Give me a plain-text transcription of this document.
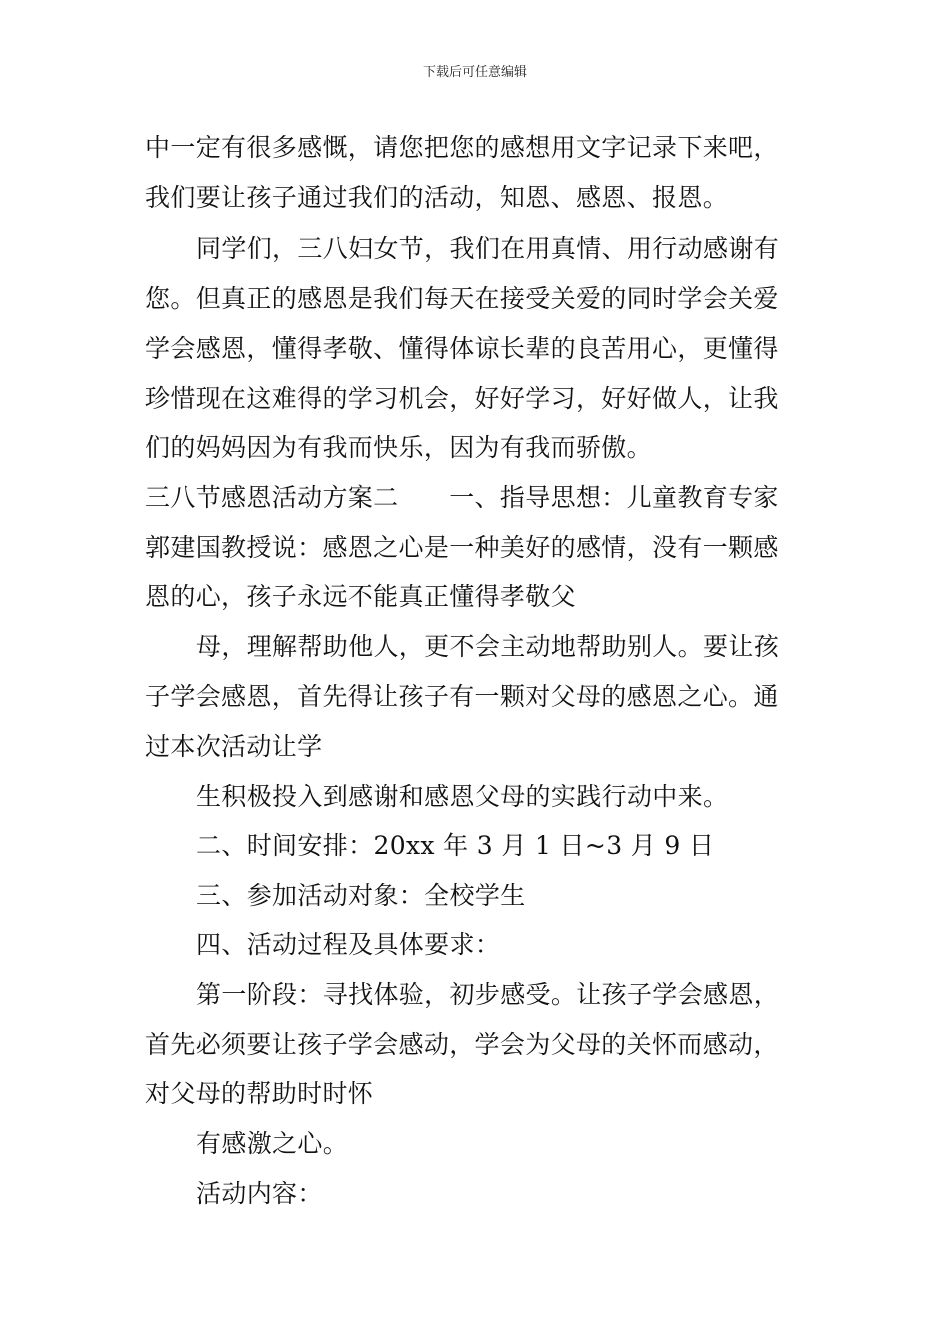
下载后可任意编辑
中一定有很多感慨，请您把您的感想用文字记录下来吧，
我们要让孩子通过我们的活动，知恩、感恩、报恩。
同学们，三八妇女节，我们在用真情、用行动感谢有
您。但真正的感恩是我们每天在接受关爱的同时学会关爱
学会感恩，懂得孝敬、懂得体谅长辈的良苦用心，更懂得
珍惜现在这难得的学习机会，好好学习，好好做人，让我
们的妈妈因为有我而快乐，因为有我而骄傲。
三八节感恩活动方案二　　一、指导思想：儿童教育专家
郭建国教授说：感恩之心是一种美好的感情，没有一颗感
恩的心，孩子永远不能真正懂得孝敬父
母，理解帮助他人，更不会主动地帮助别人。要让孩
子学会感恩，首先得让孩子有一颗对父母的感恩之心。通
过本次活动让学
生积极投入到感谢和感恩父母的实践行动中来。
二、时间安排：20xx 年 3 月 1 日~3 月 9 日
三、参加活动对象：全校学生
四、活动过程及具体要求：
第一阶段：寻找体验，初步感受。让孩子学会感恩，
首先必须要让孩子学会感动，学会为父母的关怀而感动，
对父母的帮助时时怀
有感激之心。
活动内容：
